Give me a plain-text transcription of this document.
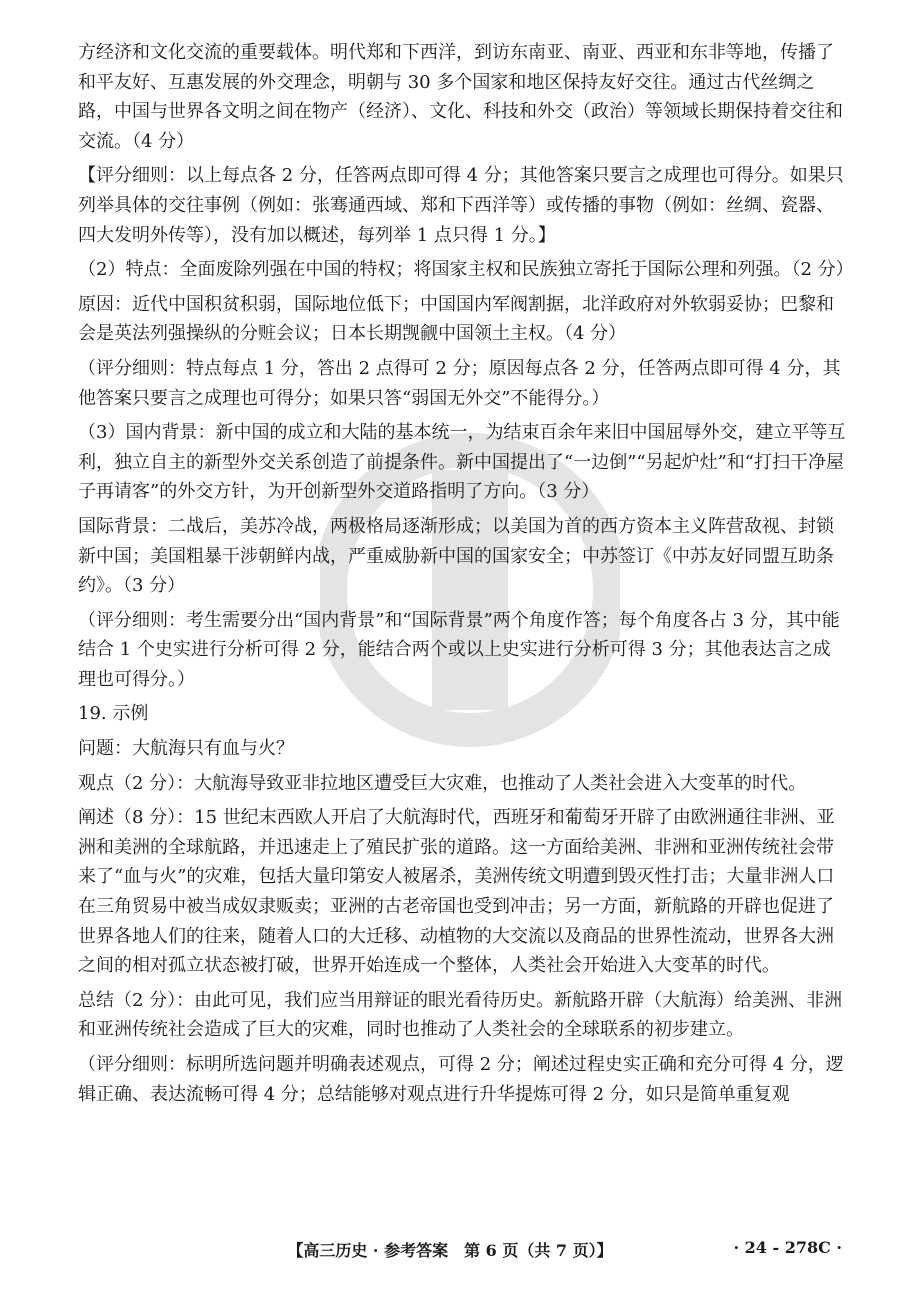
方经济和文化交流的重要载体。明代郑和下西洋，到访东南亚、南亚、西亚和东非等地，传播了和平友好、互惠发展的外交理念，明朝与 30 多个国家和地区保持友好交往。通过古代丝绸之路，中国与世界各文明之间在物产（经济）、文化、科技和外交（政治）等领域长期保持着交往和交流。（4 分）

【评分细则：以上每点各 2 分，任答两点即可得 4 分；其他答案只要言之成理也可得分。如果只列举具体的交往事例（例如：张骞通西域、郑和下西洋等）或传播的事物（例如：丝绸、瓷器、四大发明外传等），没有加以概述，每列举 1 点只得 1 分。】

（2）特点：全面废除列强在中国的特权；将国家主权和民族独立寄托于国际公理和列强。（2 分）

原因：近代中国积贫积弱，国际地位低下；中国国内军阀割据，北洋政府对外软弱妥协；巴黎和会是英法列强操纵的分赃会议；日本长期觊觎中国领土主权。（4 分）

（评分细则：特点每点 1 分，答出 2 点得可 2 分；原因每点各 2 分，任答两点即可得 4 分，其他答案只要言之成理也可得分；如果只答“弱国无外交”不能得分。）

（3）国内背景：新中国的成立和大陆的基本统一，为结束百余年来旧中国屈辱外交，建立平等互利，独立自主的新型外交关系创造了前提条件。新中国提出了“一边倒”“另起炉灶”和“打扫干净屋子再请客”的外交方针，为开创新型外交道路指明了方向。（3 分）

国际背景：二战后，美苏冷战，两极格局逐渐形成；以美国为首的西方资本主义阵营敌视、封锁新中国；美国粗暴干涉朝鲜内战，严重威胁新中国的国家安全；中苏签订《中苏友好同盟互助条约》。（3 分）

（评分细则：考生需要分出“国内背景”和“国际背景”两个角度作答；每个角度各占 3 分，其中能结合 1 个史实进行分析可得 2 分，能结合两个或以上史实进行分析可得 3 分；其他表达言之成理也可得分。）

19. 示例

问题：大航海只有血与火？

观点（2 分）：大航海导致亚非拉地区遭受巨大灾难，也推动了人类社会进入大变革的时代。

阐述（8 分）：15 世纪末西欧人开启了大航海时代，西班牙和葡萄牙开辟了由欧洲通往非洲、亚洲和美洲的全球航路，并迅速走上了殖民扩张的道路。这一方面给美洲、非洲和亚洲传统社会带来了“血与火”的灾难，包括大量印第安人被屠杀，美洲传统文明遭到毁灭性打击；大量非洲人口在三角贸易中被当成奴隶贩卖；亚洲的古老帝国也受到冲击；另一方面，新航路的开辟也促进了世界各地人们的往来，随着人口的大迁移、动植物的大交流以及商品的世界性流动，世界各大洲之间的相对孤立状态被打破，世界开始连成一个整体，人类社会开始进入大变革的时代。

总结（2 分）：由此可见，我们应当用辩证的眼光看待历史。新航路开辟（大航海）给美洲、非洲和亚洲传统社会造成了巨大的灾难，同时也推动了人类社会的全球联系的初步建立。

（评分细则：标明所选问题并明确表述观点，可得 2 分；阐述过程史实正确和充分可得 4 分，逻辑正确、表达流畅可得 4 分；总结能够对观点进行升华提炼可得 2 分，如只是简单重复观

【高三历史 · 参考答案　第 6 页（共 7 页）】	· 24 - 278C ·
